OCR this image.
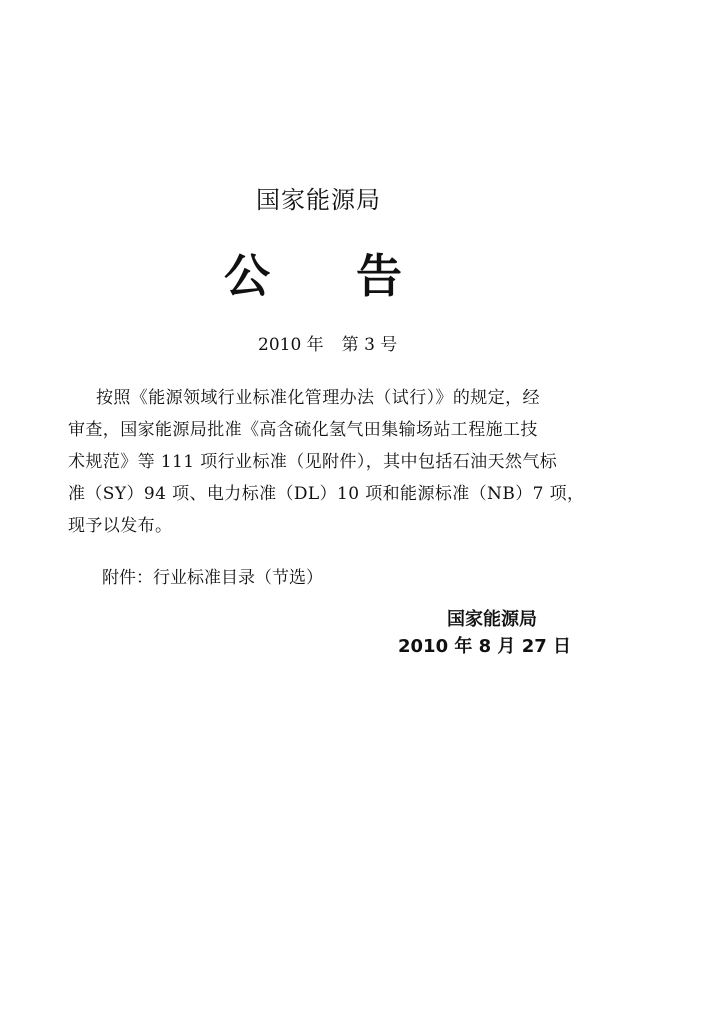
国家能源局
公 告
2010 年 第 3 号
按照《能源领域行业标准化管理办法（试行）》的规定，经
审查，国家能源局批准《高含硫化氢气田集输场站工程施工技
术规范》等 111 项行业标准（见附件），其中包括石油天然气标
准（SY）94 项、电力标准（DL）10 项和能源标准（NB）7 项，
现予以发布。
附件：行业标准目录（节选）
国家能源局
2010 年 8 月 27 日
